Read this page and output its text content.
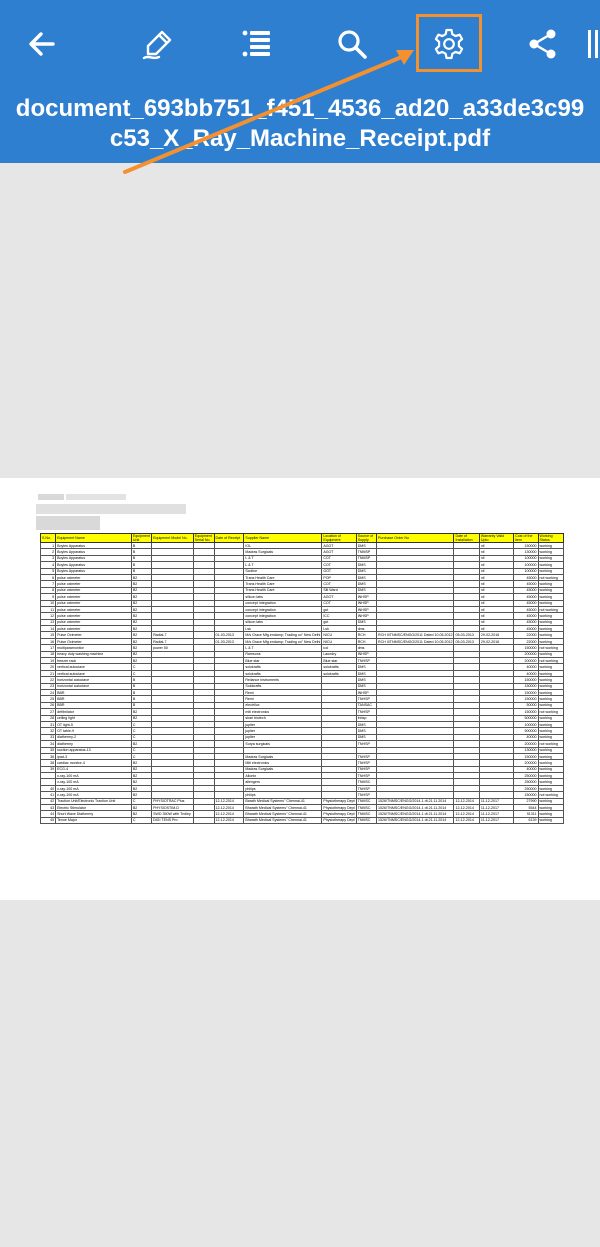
document_693bb751_f451_4536_ad20_a33de3c99c53_X_Ray_Machine_Receipt.pdf
S.No.	Equipment Name	Equipment Unit	Equipment Model No.	Equipment Serial No.	Date of Receipt	Supplier Name	Location of Equipment	Source of Supply	Purchase Order No	Date of Installation	Warranty Valid Upto	Cost of the item	Working Status
1	Boyles Apparatus	B				IOL	AGOT	DMS			nil	150000	working
2	Boyles Apparatus	B				Madras Surgicals	AGOT	TNMSP			nil	130000	working
3	Boyles Apparatus	B				L & T	COT	TNMSP			nil	100000	working
4	Boyles Apparatus	B				L & T	COT	DMS			nil	100000	working
5	Boyles Apparatus	B				Scoline	GOT	DMS			nil	100000	working
6	pulse oximeter	B2				Trans Health Care	POP	DMS			nil	45000	not working
7	pulse oximeter	B2				Trans Health Care	COT	DMS			nil	45000	working
8	pulse oximeter	B2				Trans Health Care	Silt Ward	DMS			nil	45000	working
9	pulse oximeter	B2				silicon labs	AGOT	INHSP			nil	45000	working
10	pulse oximeter	B2				concept integration	COT	INHSP			nil	45000	working
11	pulse oximeter	B2				concept integration	got	INHSP			nil	45000	not working
12	pulse oximeter	B2				concept integration	ICC	INHSP			nil	45000	working
13	pulse oximeter	B2				silicon labs	got	DMS			nil	45000	working
14	pulse oximeter	B2				Lsk	Lsk	dms			nil	45000	working
15	Pulse Oximeter	B2	Radial-7		01-03-2013	M/s Grace Mfg.endamp; Trading co" New Delhi	NICU	RCH	RCH II/TNMSC/ENGG/2011 Dated 10.05.2012	05-03-2013	29-02-2016	22000	working
16	Pulse Oximeter	B2	Radial-7		01-03-2013	M/s Grace Mfg.endamp; Trading co" New Delhi	NICU	RCH	RCH II/TNMSC/ENGG/2011 Dated 10.05.2012	05-03-2013	29-02-2016	22000	working
17	multiparamonitor	B2	power 50			L & T	icd	dms				150000	not working
18	heavy duty washing machine	B2				Ramsons	Laundry	INHSP				200000	working
19	freezer rack	B2				Blue star	Blue star	TNHSP				200000	not working
20	vertical autoclave	C				solokrafts	solokrafts	DMS				40000	working
21	vertical autoclave	C				solokrafts	solokrafts	DMS				40000	working
22	horizontal autoclave	B				Reliance instruments		DMS				150000	working
23	horizontal autoclave	B				Solokrafts		DMS				150000	working
24	BBR	B				Remi		INHSP				150000	working
25	BBR	B				Remi		TNHSP				150000	working
26	BBR	B				electrilux		TANSAC				50000	working
27	defibrilator	B2				miti electronics		TNHSP				150000	not working
28	ceiling light	B2				shari biotech		tnhsp				500000	working
31	OT light-5	C				jupiter		DMS				100000	working
32	OT table-9	C				jupiter		DMS				900000	working
33	diathermy-2	C				jupiter		DMS				40000	working
34	diathermy	B2				Surya surgicals		TNHSP				200000	not working
35	suction apparatus-13	C										130000	working
36	ipad-3	C				Madras Surgicals		TNHSP				150000	working
38	cardiac monitor-4	B2				Miti electronics		TNHSP				200000	working
39	ECG-4	B2				Madras Surgicals		TNHSP				40000	working
	x-ray-100 mA	B2				Allontx		TNHSP				250000	working
	x-ray-100 mA	B2				allengers		TNMSC				250000	working
40	x-ray-100 mA	B2				philips		TNHSP				250000	working
41	x-ray-100 mA	B2				philips		TNHSP				150000	not working
42	Traction Unit/Electronic Traction Unit	C	PHYSIOTRAC Plus		12-12-2014	Barath Medical Systems" Chennai-41	Physiotherapy Dept	TNMSC	1526/TNMSC/ENGG/2014-1 dt.21.11.2014	12-12-2014	11-12-2017	27990	working
43	Electric Stimulator	B2	PHYSIOSTIM-D		12-12-2014	Bharath Medical Systems" Chennai-41	Physiotherapy Dept	TNMSC	1526/TNMSC/ENGG/2014-1 dt.21.11.2014	12-12-2014	11-12-2017	5544	working
44	Short Wave Diathermy	B2	SWD 350W with Trolley		12-12-2014	Bharath Medical Systems" Chennai-41	Physiotherapy Dept	TNMSC	1526/TNMSC/ENGG/2014-1 dt.21.11.2014	12-12-2014	11-12-2017	91311	working
45	Tenue Major	C	DIGI TENS Pro		12-12-2014	Bharath Medical Systems" Chennai-41	Physiotherapy Dept	TNMSC	1526/TNMSC/ENGG/2014-1 dt.21.11.2014	12-12-2014	11-12-2017	6139	working
